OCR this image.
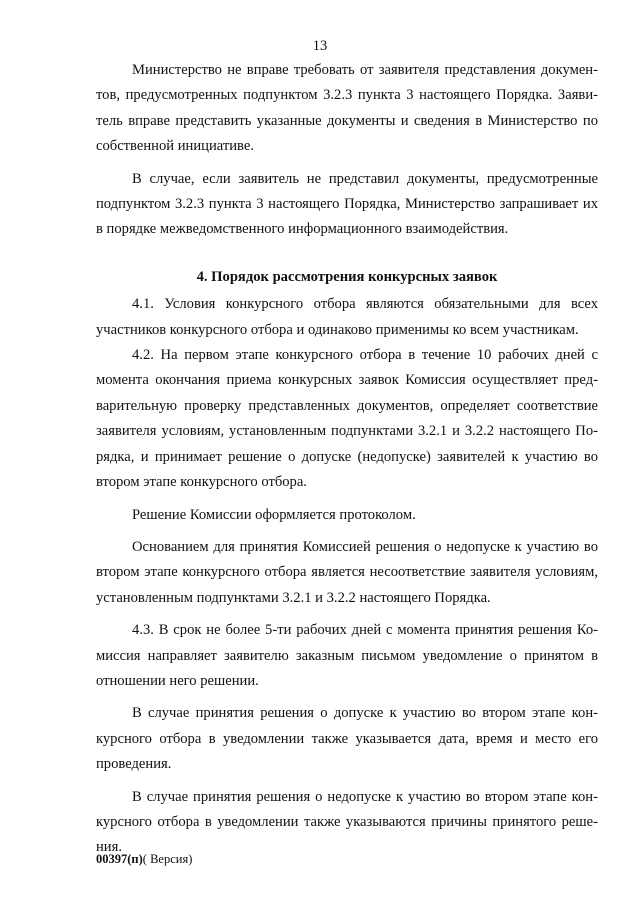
13

Министерство не вправе требовать от заявителя представления документов, предусмотренных подпунктом 3.2.3 пункта 3 настоящего Порядка. Заявитель вправе представить указанные документы и сведения в Министерство по собственной инициативе.

В случае, если заявитель не представил документы, предусмотренные подпунктом 3.2.3 пункта 3 настоящего Порядка, Министерство запрашивает их в порядке межведомственного информационного взаимодействия.

4. Порядок рассмотрения конкурсных заявок

4.1. Условия конкурсного отбора являются обязательными для всех участников конкурсного отбора и одинаково применимы ко всем участникам.

4.2. На первом этапе конкурсного отбора в течение 10 рабочих дней с момента окончания приема конкурсных заявок Комиссия осуществляет предварительную проверку представленных документов, определяет соответствие заявителя условиям, установленным подпунктами 3.2.1 и 3.2.2 настоящего Порядка, и принимает решение о допуске (недопуске) заявителей к участию во втором этапе конкурсного отбора.

Решение Комиссии оформляется протоколом.

Основанием для принятия Комиссией решения о недопуске к участию во втором этапе конкурсного отбора является несоответствие заявителя условиям, установленным подпунктами 3.2.1 и 3.2.2 настоящего Порядка.

4.3. В срок не более 5-ти рабочих дней с момента принятия решения Комиссия направляет заявителю заказным письмом уведомление о принятом в отношении него решении.

В случае принятия решения о допуске к участию во втором этапе конкурсного отбора в уведомлении также указывается дата, время и место его проведения.

В случае принятия решения о недопуске к участию во втором этапе конкурсного отбора в уведомлении также указываются причины принятого решения.

00397(п)( Версия)
